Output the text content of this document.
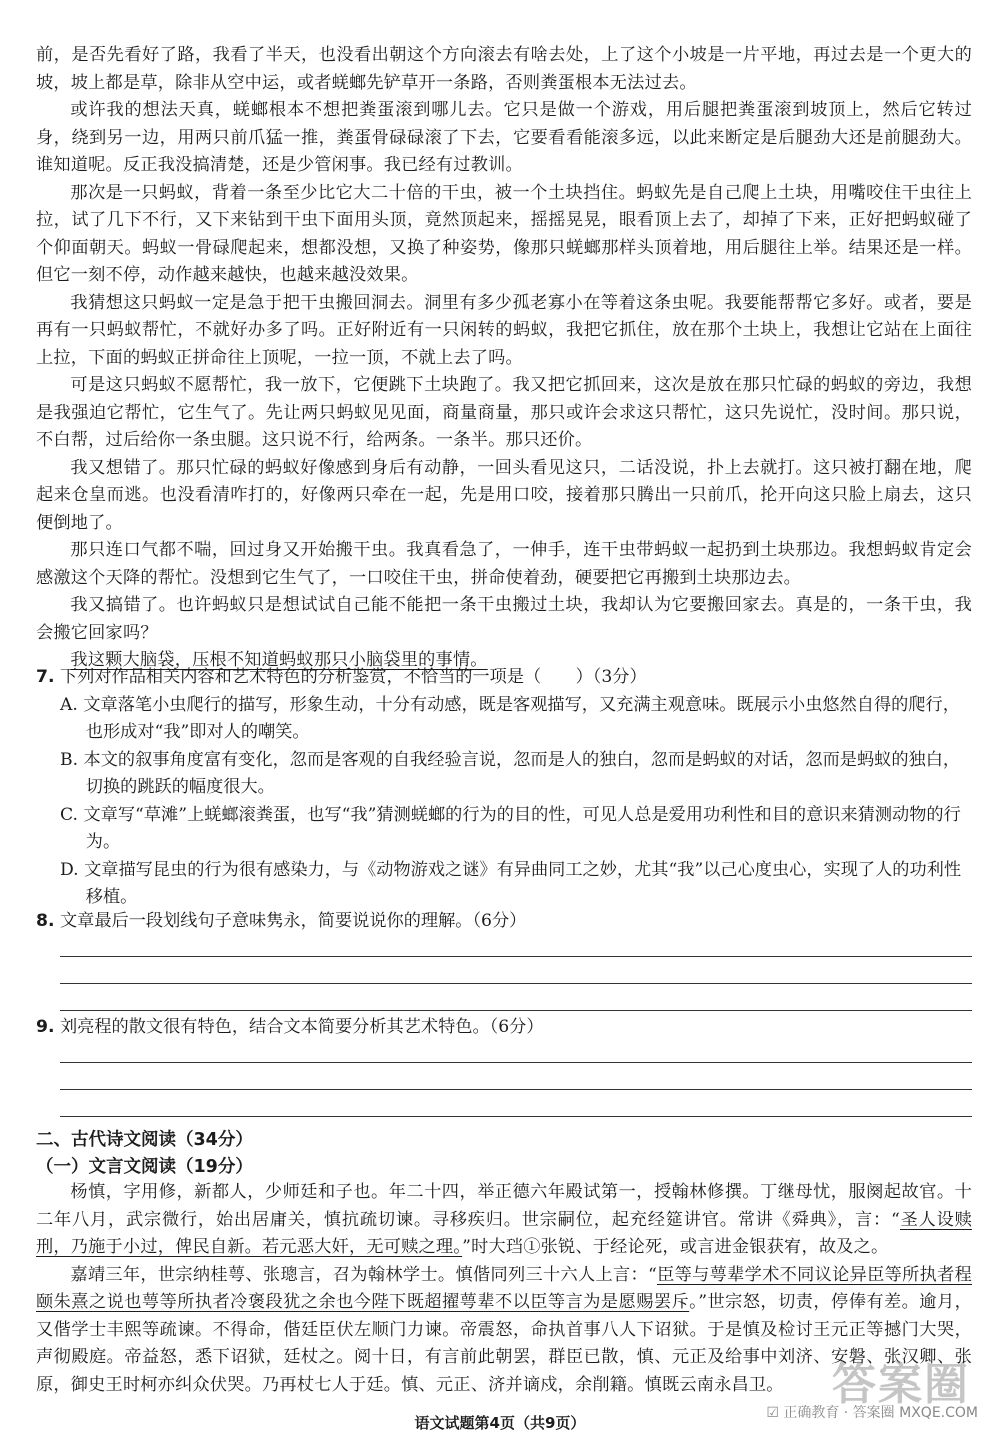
前，是否先看好了路，我看了半天，也没看出朝这个方向滚去有啥去处，上了这个小坡是一片平地，再过去是一个更大的坡，坡上都是草，除非从空中运，或者蜣螂先铲草开一条路，否则粪蛋根本无法过去。

或许我的想法天真，蜣螂根本不想把粪蛋滚到哪儿去。它只是做一个游戏，用后腿把粪蛋滚到坡顶上，然后它转过身，绕到另一边，用两只前爪猛一推，粪蛋骨碌碌滚了下去，它要看看能滚多远，以此来断定是后腿劲大还是前腿劲大。谁知道呢。反正我没搞清楚，还是少管闲事。我已经有过教训。

那次是一只蚂蚁，背着一条至少比它大二十倍的干虫，被一个土块挡住。蚂蚁先是自己爬上土块，用嘴咬住干虫往上拉，试了几下不行，又下来钻到干虫下面用头顶，竟然顶起来，摇摇晃晃，眼看顶上去了，却掉了下来，正好把蚂蚁碰了个仰面朝天。蚂蚁一骨碌爬起来，想都没想，又换了种姿势，像那只蜣螂那样头顶着地，用后腿往上举。结果还是一样。但它一刻不停，动作越来越快，也越来越没效果。

我猜想这只蚂蚁一定是急于把干虫搬回洞去。洞里有多少孤老寡小在等着这条虫呢。我要能帮帮它多好。或者，要是再有一只蚂蚁帮忙，不就好办多了吗。正好附近有一只闲转的蚂蚁，我把它抓住，放在那个土块上，我想让它站在上面往上拉，下面的蚂蚁正拼命往上顶呢，一拉一顶，不就上去了吗。

可是这只蚂蚁不愿帮忙，我一放下，它便跳下土块跑了。我又把它抓回来，这次是放在那只忙碌的蚂蚁的旁边，我想是我强迫它帮忙，它生气了。先让两只蚂蚁见见面，商量商量，那只或许会求这只帮忙，这只先说忙，没时间。那只说，不白帮，过后给你一条虫腿。这只说不行，给两条。一条半。那只还价。

我又想错了。那只忙碌的蚂蚁好像感到身后有动静，一回头看见这只，二话没说，扑上去就打。这只被打翻在地，爬起来仓皇而逃。也没看清咋打的，好像两只牵在一起，先是用口咬，接着那只腾出一只前爪，抡开向这只脸上扇去，这只便倒地了。

那只连口气都不喘，回过身又开始搬干虫。我真看急了，一伸手，连干虫带蚂蚁一起扔到土块那边。我想蚂蚁肯定会感激这个天降的帮忙。没想到它生气了，一口咬住干虫，拼命使着劲，硬要把它再搬到土块那边去。

我又搞错了。也许蚂蚁只是想试试自己能不能把一条干虫搬过土块，我却认为它要搬回家去。真是的，一条干虫，我会搬它回家吗？

我这颗大脑袋，压根不知道蚂蚁那只小脑袋里的事情。

7. 下列对作品相关内容和艺术特色的分析鉴赏，不恰当的一项是（　　）（3分）

A. 文章落笔小虫爬行的描写，形象生动，十分有动感，既是客观描写，又充满主观意味。既展示小虫悠然自得的爬行，也形成对“我”即对人的嘲笑。

B. 本文的叙事角度富有变化，忽而是客观的自我经验言说，忽而是人的独白，忽而是蚂蚁的对话，忽而是蚂蚁的独白，切换的跳跃的幅度很大。

C. 文章写“草滩”上蜣螂滚粪蛋，也写“我”猜测蜣螂的行为的目的性，可见人总是爱用功利性和目的意识来猜测动物的行为。

D. 文章描写昆虫的行为很有感染力，与《动物游戏之谜》有异曲同工之妙，尤其“我”以己心度虫心，实现了人的功利性移植。

8. 文章最后一段划线句子意味隽永，简要说说你的理解。（6分）

9. 刘亮程的散文很有特色，结合文本简要分析其艺术特色。（6分）

二、古代诗文阅读（34分）
（一）文言文阅读（19分）

杨慎，字用修，新都人，少师廷和子也。年二十四，举正德六年殿试第一，授翰林修撰。丁继母忧，服阕起故官。十二年八月，武宗微行，始出居庸关，慎抗疏切谏。寻移疾归。世宗嗣位，起充经筵讲官。常讲《舜典》，言：“圣人设赎刑，乃施于小过，俾民自新。若元恶大奸，无可赎之理。”时大珰①张锐、于经论死，或言进金银获宥，故及之。

嘉靖三年，世宗纳桂萼、张璁言，召为翰林学士。慎偕同列三十六人上言：“臣等与萼辈学术不同议论异臣等所执者程颐朱熹之说也萼等所执者冷褒段犹之余也今陛下既超擢萼辈不以臣等言为是愿赐罢斥。”世宗怒，切责，停俸有差。逾月，又偕学士丰熙等疏谏。不得命，偕廷臣伏左顺门力谏。帝震怒，命执首事八人下诏狱。于是慎及检讨王元正等撼门大哭，声彻殿庭。帝益怒，悉下诏狱，廷杖之。阅十日，有言前此朝罢，群臣已散，慎、元正及给事中刘济、安磐、张汉卿、张原，御史王时柯亦纠众伏哭。乃再杖七人于廷。慎、元正、济并谪戍，余削籍。慎既云南永昌卫。	答案圈
语文试题第4页（共9页）
☑ 正确教育 · 答案圈 MXQE.COM
